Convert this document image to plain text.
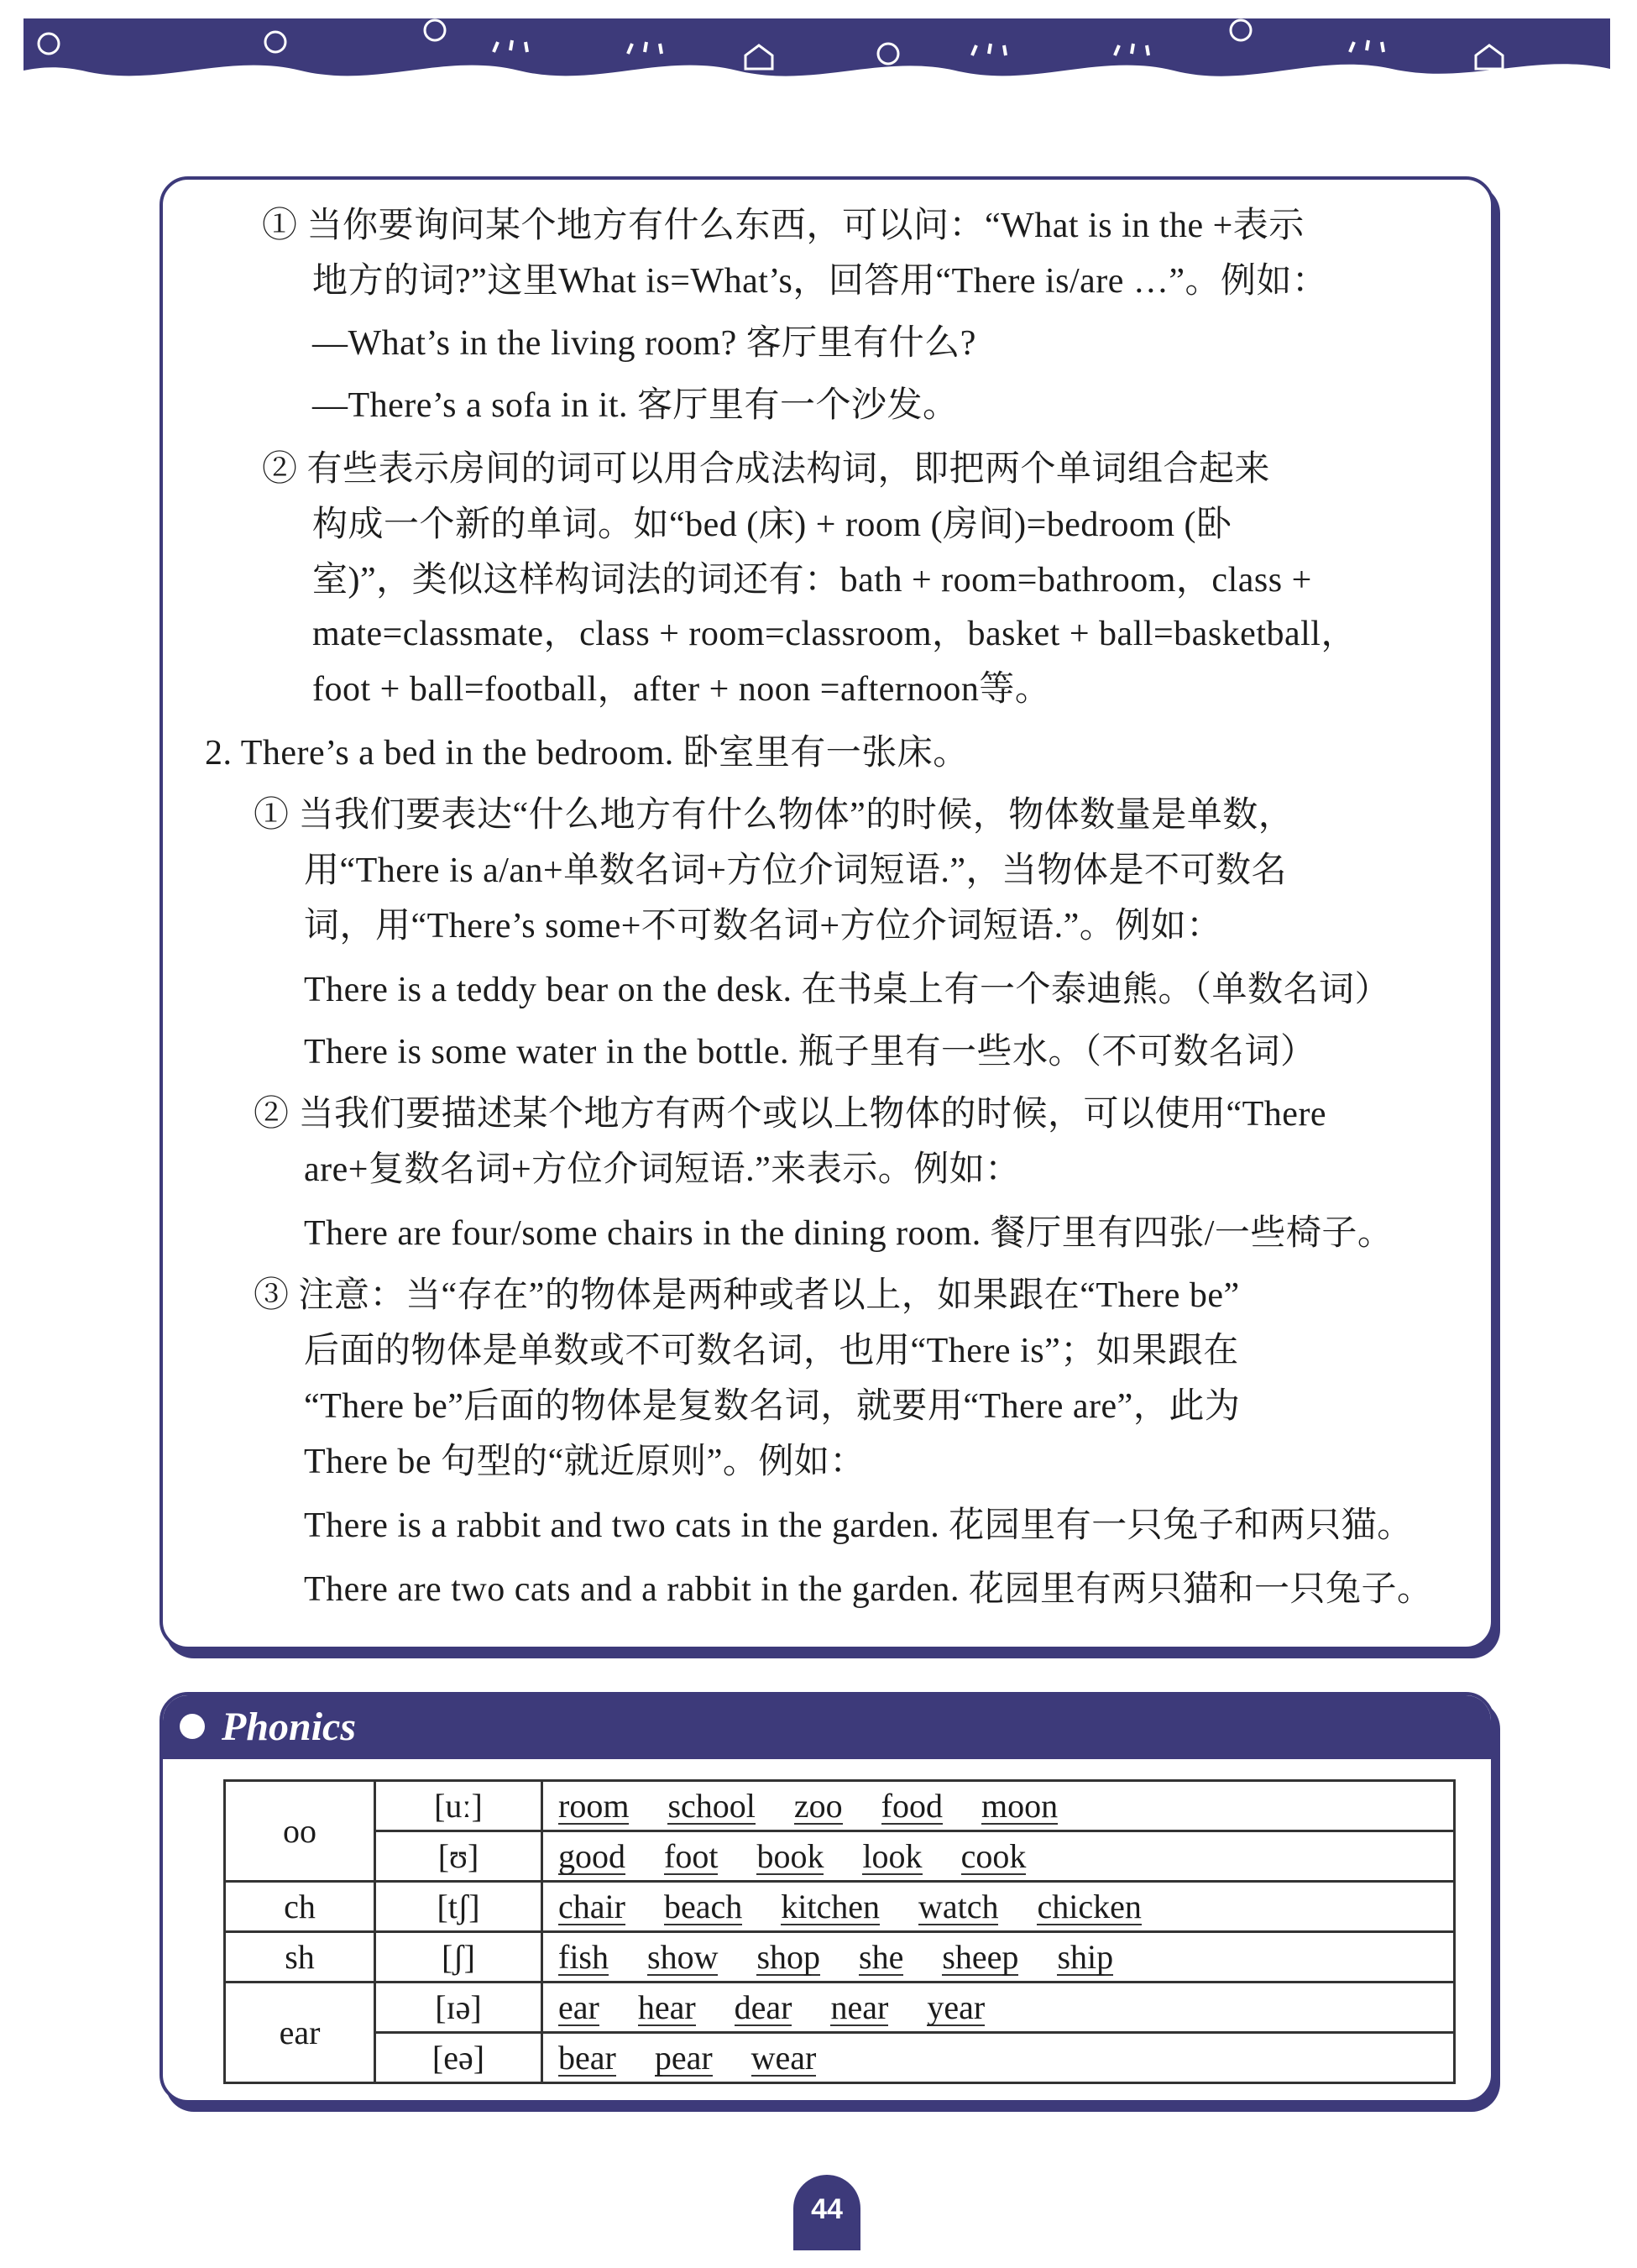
① 当你要询问某个地方有什么东西，可以问：“What is in the +表示
地方的词?”这里What is=What’s，回答用“There is/are …”。例如：
—What’s in the living room? 客厅里有什么?
—There’s a sofa in it. 客厅里有一个沙发。
② 有些表示房间的词可以用合成法构词，即把两个单词组合起来
构成一个新的单词。如“bed (床) + room (房间)=bedroom (卧
室)”，类似这样构词法的词还有：bath + room=bathroom，class +
mate=classmate，class + room=classroom，basket + ball=basketball，
foot + ball=football，after + noon =afternoon等。
2. There’s a bed in the bedroom. 卧室里有一张床。
① 当我们要表达“什么地方有什么物体”的时候，物体数量是单数，
用“There is a/an+单数名词+方位介词短语.”，当物体是不可数名
词，用“There’s some+不可数名词+方位介词短语.”。例如：
There is a teddy bear on the desk. 在书桌上有一个泰迪熊。（单数名词）
There is some water in the bottle. 瓶子里有一些水。（不可数名词）
② 当我们要描述某个地方有两个或以上物体的时候，可以使用“There
are+复数名词+方位介词短语.”来表示。例如：
There are four/some chairs in the dining room. 餐厅里有四张/一些椅子。
③ 注意：当“存在”的物体是两种或者以上，如果跟在“There be”
后面的物体是单数或不可数名词，也用“There is”；如果跟在
“There be”后面的物体是复数名词，就要用“There are”，此为
There be 句型的“就近原则”。例如：
There is a rabbit and two cats in the garden. 花园里有一只兔子和两只猫。
There are two cats and a rabbit in the garden. 花园里有两只猫和一只兔子。
Phonics
oo	[uː]	room school zoo food moon
	[ʊ]	good foot book look cook
ch	[tʃ]	chair beach kitchen watch chicken
sh	[ʃ]	fish show shop she sheep ship
ear	[ɪə]	ear hear dear near year
	[eə]	bear pear wear
44
